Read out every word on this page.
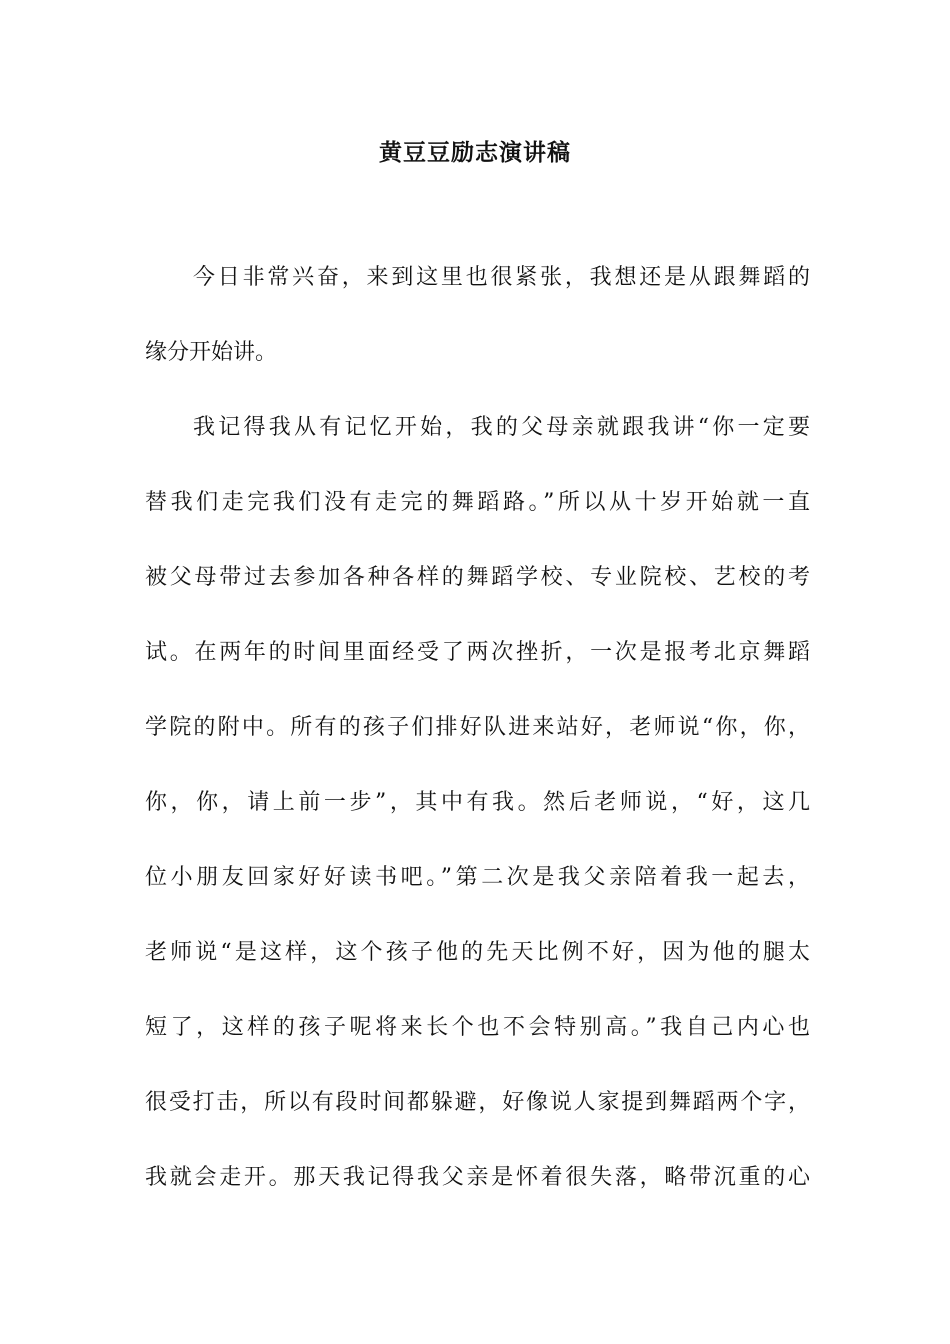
黄豆豆励志演讲稿
今日非常兴奋，来到这里也很紧张，我想还是从跟舞蹈的
缘分开始讲。
我记得我从有记忆开始，我的父母亲就跟我讲“你一定要
替我们走完我们没有走完的舞蹈路。”所以从十岁开始就一直
被父母带过去参加各种各样的舞蹈学校、专业院校、艺校的考
试。在两年的时间里面经受了两次挫折，一次是报考北京舞蹈
学院的附中。所有的孩子们排好队进来站好，老师说“你，你，
你，你，请上前一步”，其中有我。然后老师说，“好，这几
位小朋友回家好好读书吧。”第二次是我父亲陪着我一起去，
老师说“是这样，这个孩子他的先天比例不好，因为他的腿太
短了，这样的孩子呢将来长个也不会特别高。”我自己内心也
很受打击，所以有段时间都躲避，好像说人家提到舞蹈两个字，
我就会走开。那天我记得我父亲是怀着很失落，略带沉重的心
